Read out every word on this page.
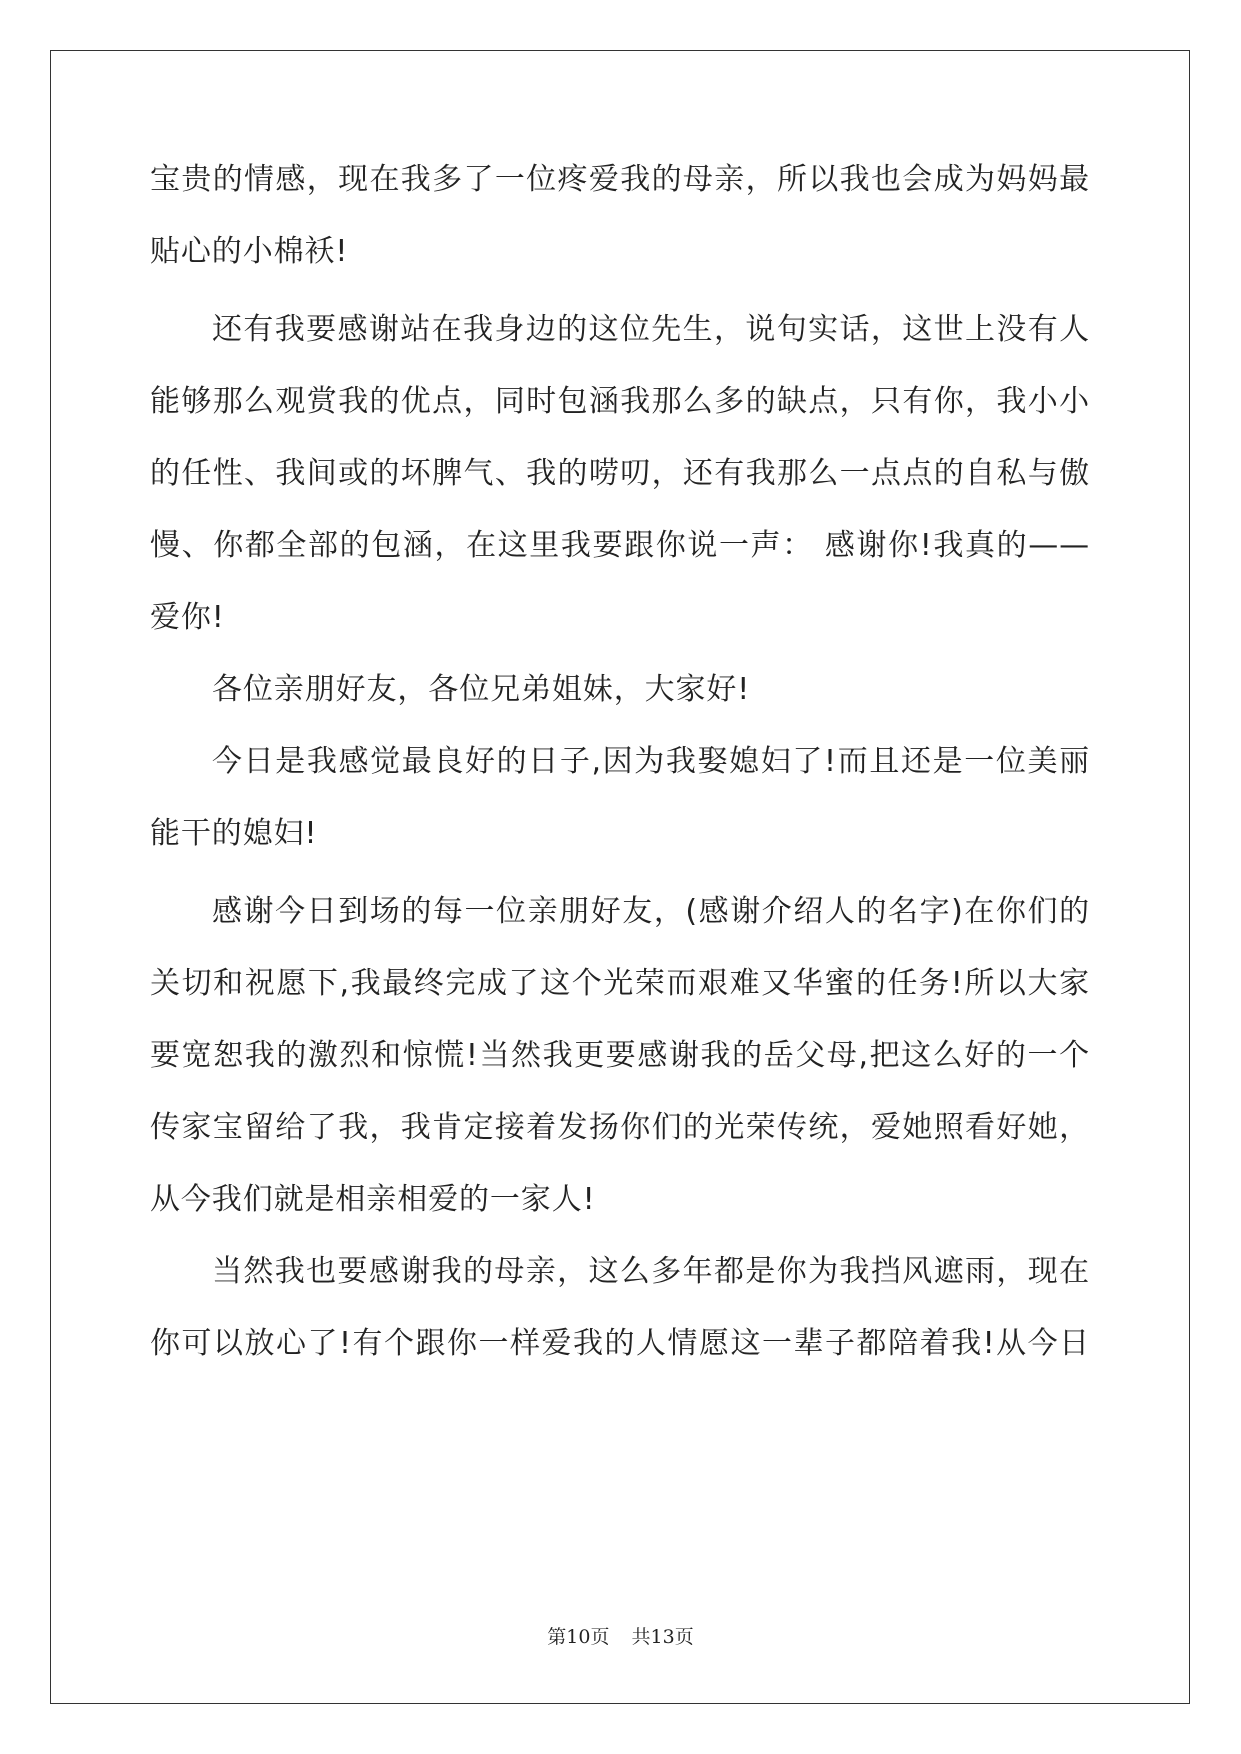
宝贵的情感，现在我多了一位疼爱我的母亲，所以我也会成为妈妈最
贴心的小棉袄!
还有我要感谢站在我身边的这位先生，说句实话，这世上没有人
能够那么观赏我的优点，同时包涵我那么多的缺点，只有你，我小小
的任性、我间或的坏脾气、我的唠叨，还有我那么一点点的自私与傲
慢、你都全部的包涵，在这里我要跟你说一声： 感谢你!我真的——
爱你!
各位亲朋好友，各位兄弟姐妹，大家好!
今日是我感觉最良好的日子,因为我娶媳妇了!而且还是一位美丽
能干的媳妇!
感谢今日到场的每一位亲朋好友，(感谢介绍人的名字)在你们的
关切和祝愿下,我最终完成了这个光荣而艰难又华蜜的任务!所以大家
要宽恕我的激烈和惊慌!当然我更要感谢我的岳父母,把这么好的一个
传家宝留给了我，我肯定接着发扬你们的光荣传统，爱她照看好她，
从今我们就是相亲相爱的一家人!
当然我也要感谢我的母亲，这么多年都是你为我挡风遮雨，现在
你可以放心了!有个跟你一样爱我的人情愿这一辈子都陪着我!从今日
第10页 共13页
